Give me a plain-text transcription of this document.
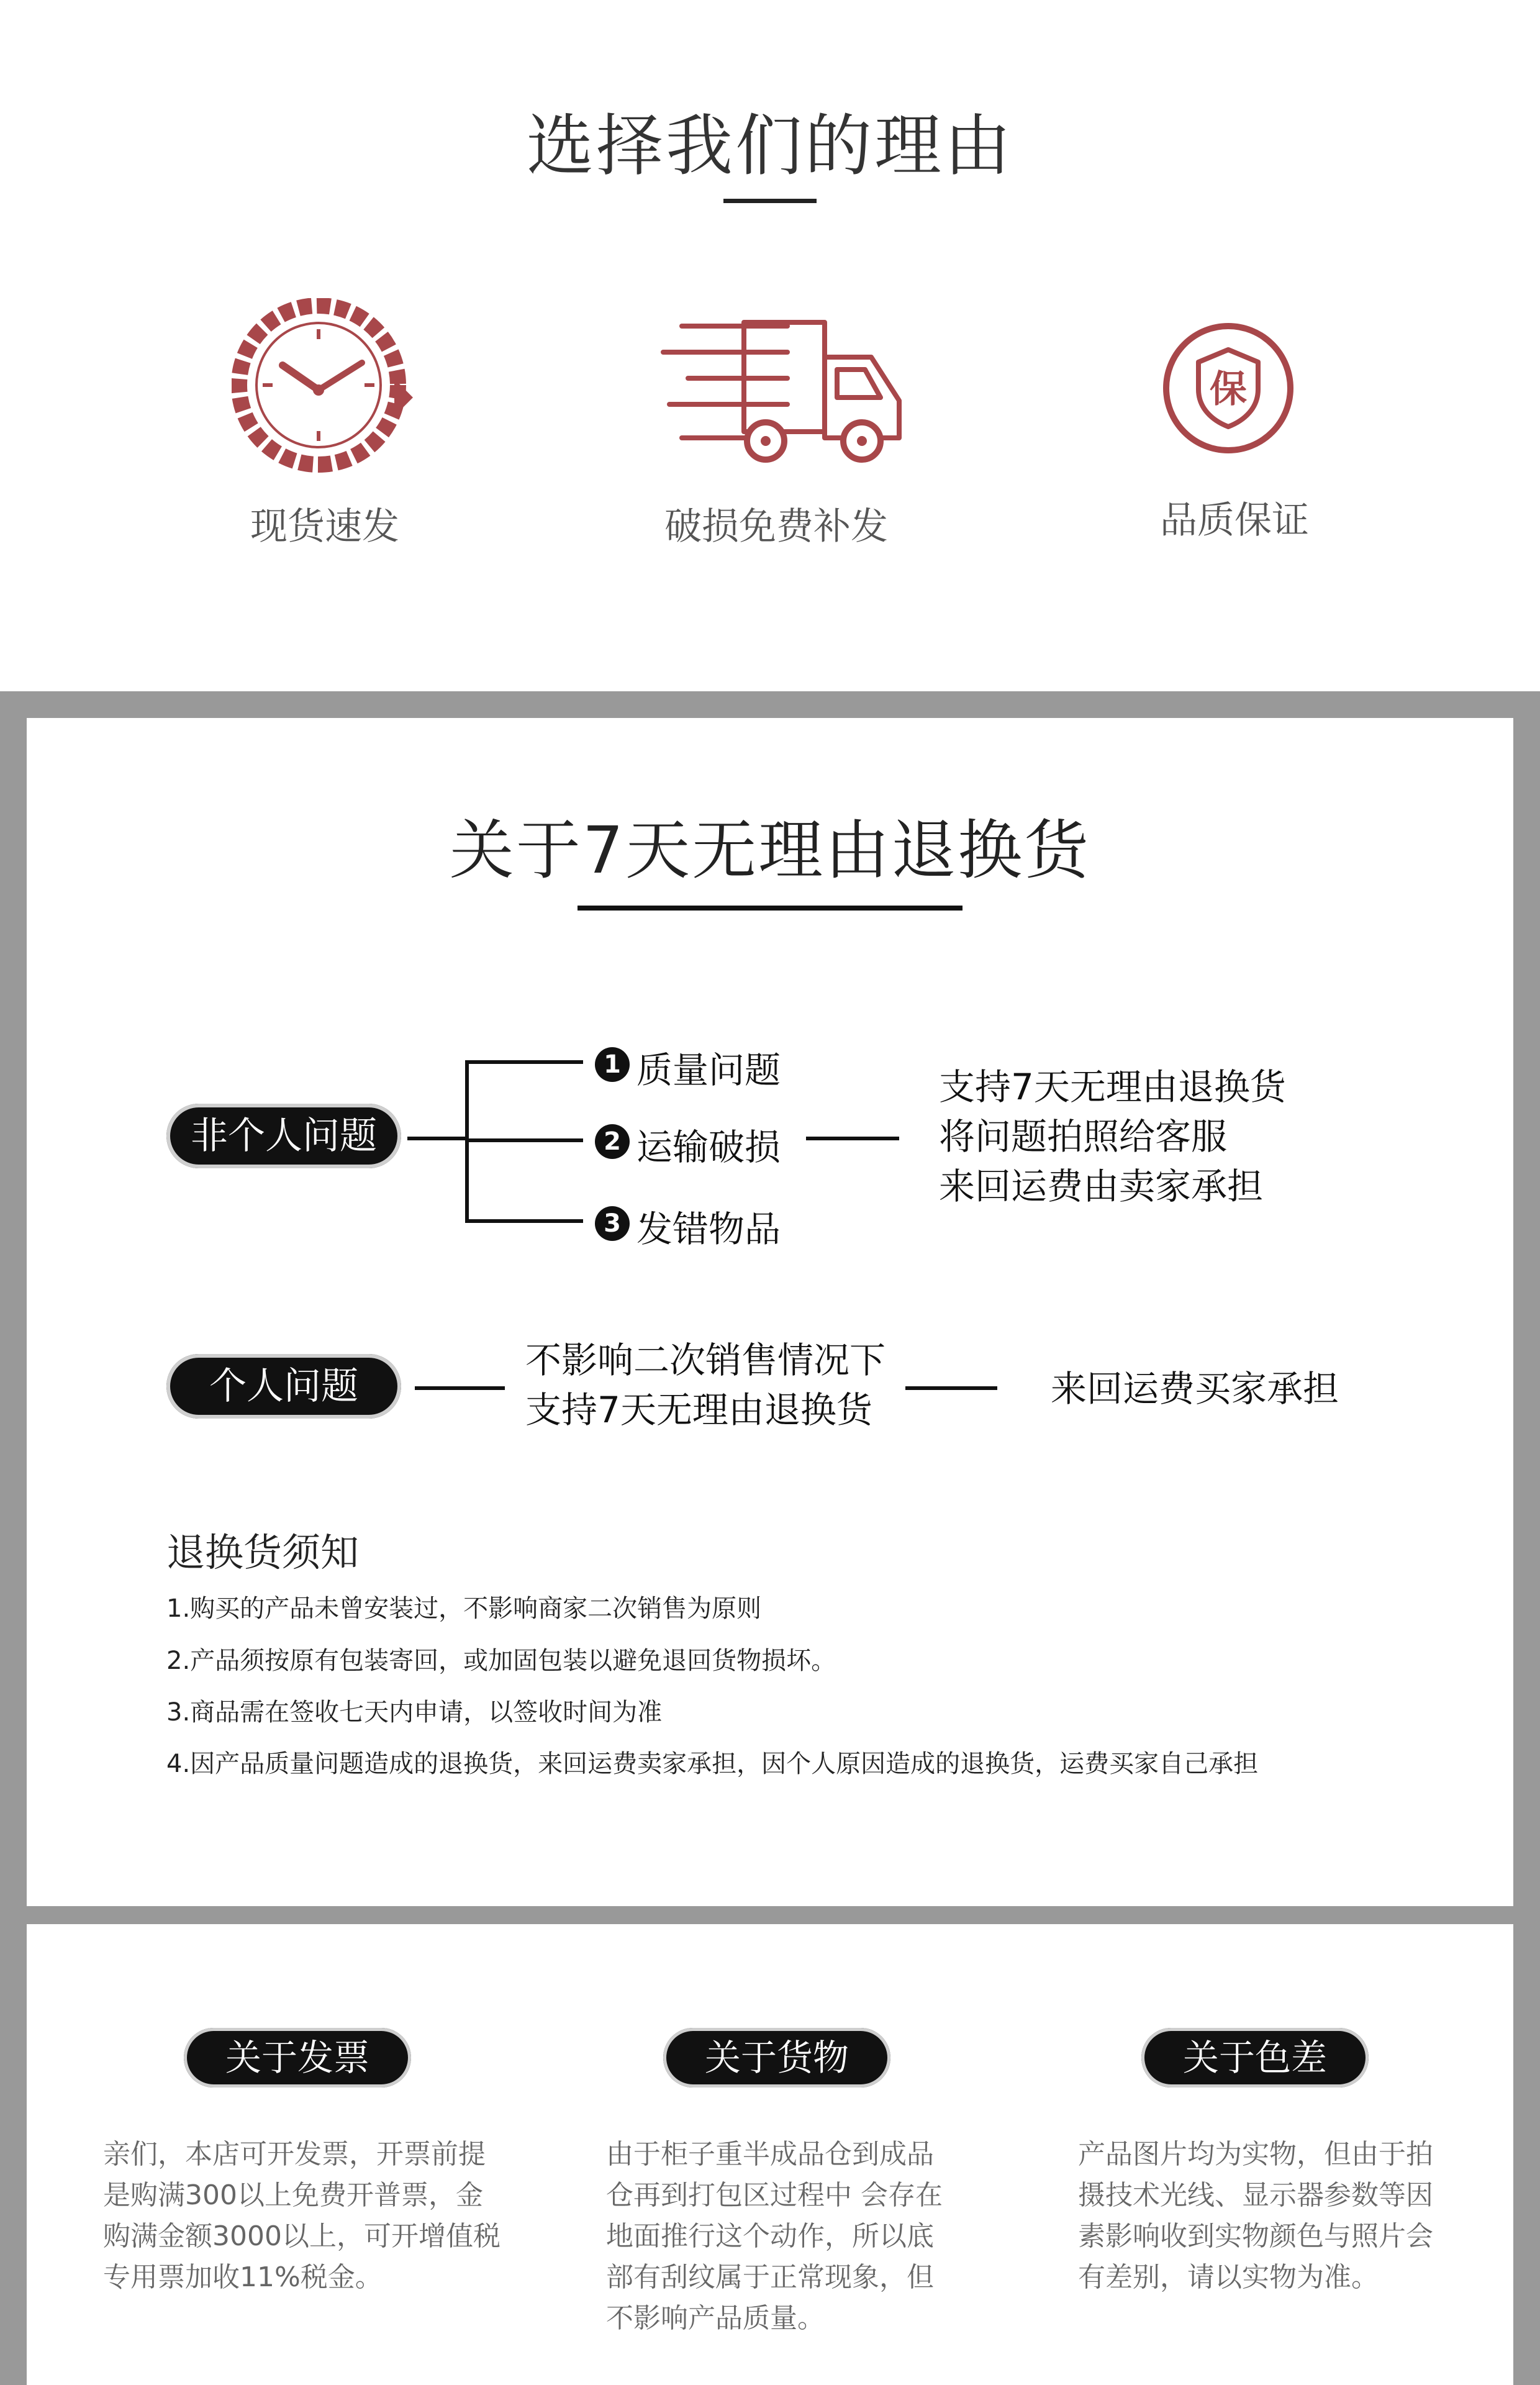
选择我们的理由
现货速发	破损免费补发
保
品质保证
关于7天无理由退换货
非个人问题
1 质量问题
2 运输破损
3 发错物品
支持7天无理由退换货
将问题拍照给客服
来回运费由卖家承担
个人问题
不影响二次销售情况下
支持7天无理由退换货	来回运费买家承担
退换货须知
1.购买的产品未曾安装过，不影响商家二次销售为原则
2.产品须按原有包装寄回，或加固包装以避免退回货物损坏。
3.商品需在签收七天内申请，以签收时间为准
4.因产品质量问题造成的退换货，来回运费卖家承担，因个人原因造成的退换货，运费买家自己承担
关于发票
亲们，本店可开发票，开票前提
是购满300以上免费开普票，金
购满金额3000以上，可开增值税
专用票加收11%税金。
关于货物
由于柜子重半成品仓到成品
仓再到打包区过程中 会存在
地面推行这个动作，所以底
部有刮纹属于正常现象，但
不影响产品质量。
关于色差
产品图片均为实物，但由于拍
摄技术光线、显示器参数等因
素影响收到实物颜色与照片会
有差别，请以实物为准。
